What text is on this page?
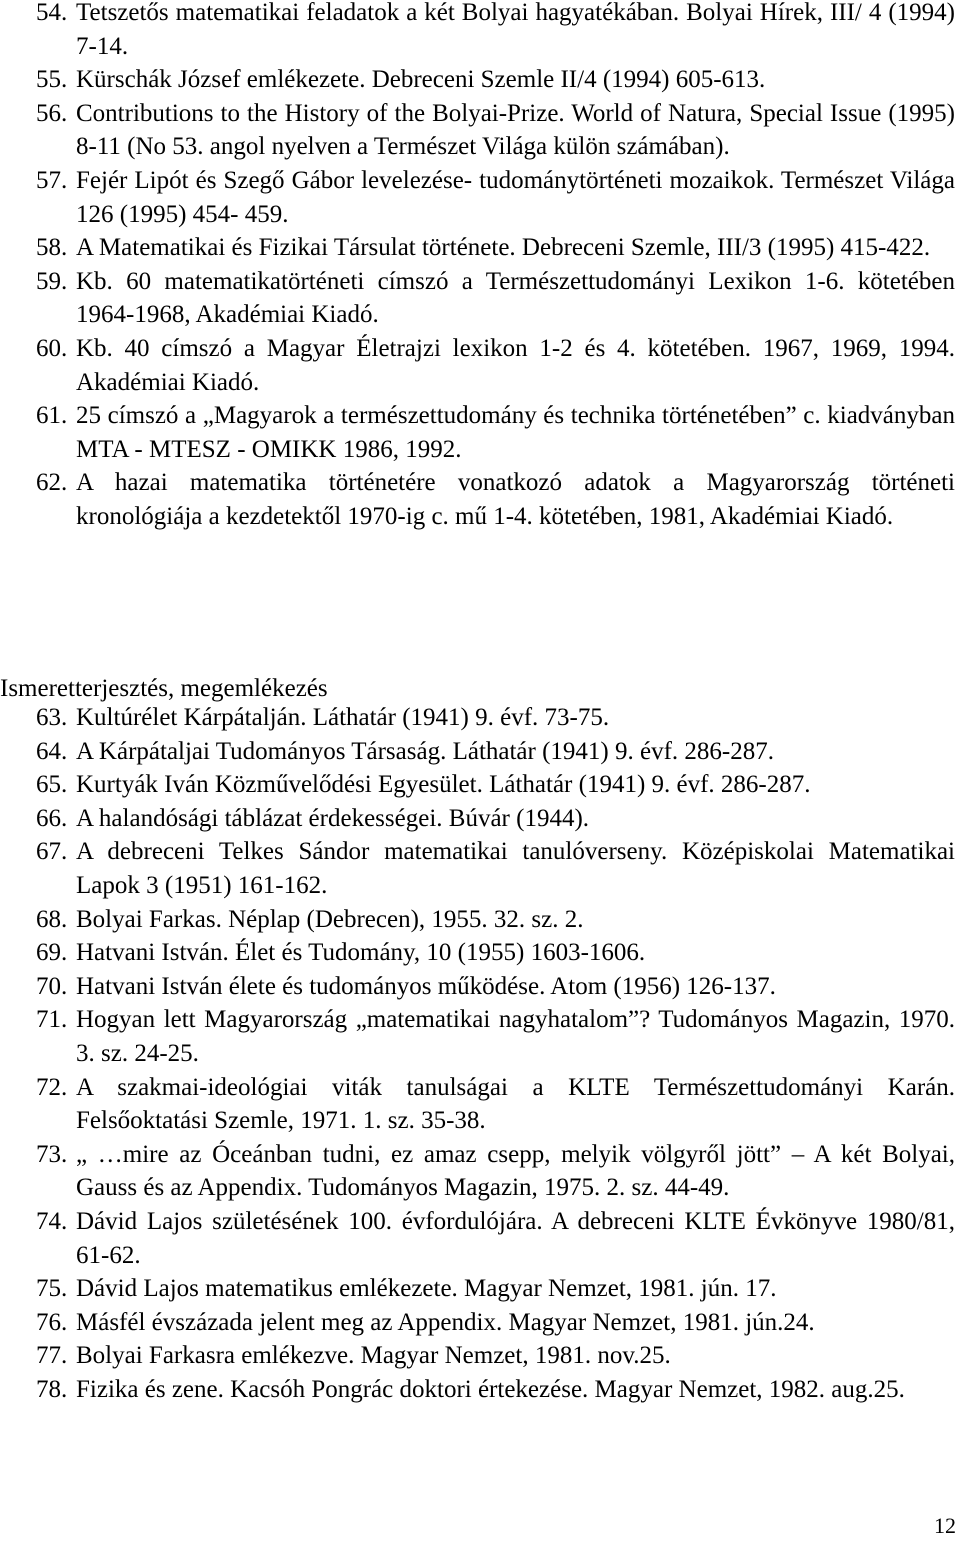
54. Tetszetős matematikai feladatok a két Bolyai hagyatékában. Bolyai Hírek, III/ 4 (1994) 7-14.
55. Kürschák József emlékezete. Debreceni Szemle II/4 (1994) 605-613.
56. Contributions to the History of the Bolyai-Prize. World of Natura, Special Issue (1995) 8-11 (No 53. angol nyelven a Természet Világa külön számában).
57. Fejér Lipót és Szegő Gábor levelezése- tudománytörténeti mozaikok. Természet Világa 126 (1995) 454- 459.
58. A Matematikai és Fizikai Társulat története. Debreceni Szemle, III/3 (1995) 415-422.
59. Kb. 60 matematikatörténeti címszó a Természettudományi Lexikon 1-6. kötetében 1964-1968, Akadémiai Kiadó.
60. Kb. 40 címszó a Magyar Életrajzi lexikon 1-2 és 4. kötetében. 1967, 1969, 1994. Akadémiai Kiadó.
61. 25 címszó a „Magyarok a természettudomány és technika történetében” c. kiadványban MTA - MTESZ - OMIKK 1986, 1992.
62. A hazai matematika történetére vonatkozó adatok a Magyarország történeti kronológiája a kezdetektől 1970-ig c. mű 1-4. kötetében, 1981, Akadémiai Kiadó.
Ismeretterjesztés, megemlékezés
63. Kultúrélet Kárpátalján. Láthatár (1941) 9. évf. 73-75.
64. A Kárpátaljai Tudományos Társaság. Láthatár (1941) 9. évf. 286-287.
65. Kurtyák Iván Közművelődési Egyesület. Láthatár (1941) 9. évf. 286-287.
66. A halandósági táblázat érdekességei. Búvár (1944).
67. A debreceni Telkes Sándor matematikai tanulóverseny. Középiskolai Matematikai Lapok 3 (1951) 161-162.
68. Bolyai Farkas. Néplap (Debrecen), 1955. 32. sz. 2.
69. Hatvani István. Élet és Tudomány, 10 (1955) 1603-1606.
70. Hatvani István élete és tudományos működése. Atom (1956) 126-137.
71. Hogyan lett Magyarország „matematikai nagyhatalom”? Tudományos Magazin, 1970. 3. sz. 24-25.
72. A szakmai-ideológiai viták tanulságai a KLTE Természettudományi Karán. Felsőoktatási Szemle, 1971. 1. sz. 35-38.
73. „ …mire az Óceánban tudni, ez amaz csepp, melyik völgyről jött” – A két Bolyai, Gauss és az Appendix. Tudományos Magazin, 1975. 2. sz. 44-49.
74. Dávid Lajos születésének 100. évfordulójára. A debreceni KLTE Évkönyve 1980/81, 61-62.
75. Dávid Lajos matematikus emlékezete. Magyar Nemzet, 1981. jún. 17.
76. Másfél évszázada jelent meg az Appendix. Magyar Nemzet, 1981. jún.24.
77. Bolyai Farkasra emlékezve. Magyar Nemzet, 1981. nov.25.
78. Fizika és zene. Kacsóh Pongrác doktori értekezése. Magyar Nemzet, 1982. aug.25.
12
